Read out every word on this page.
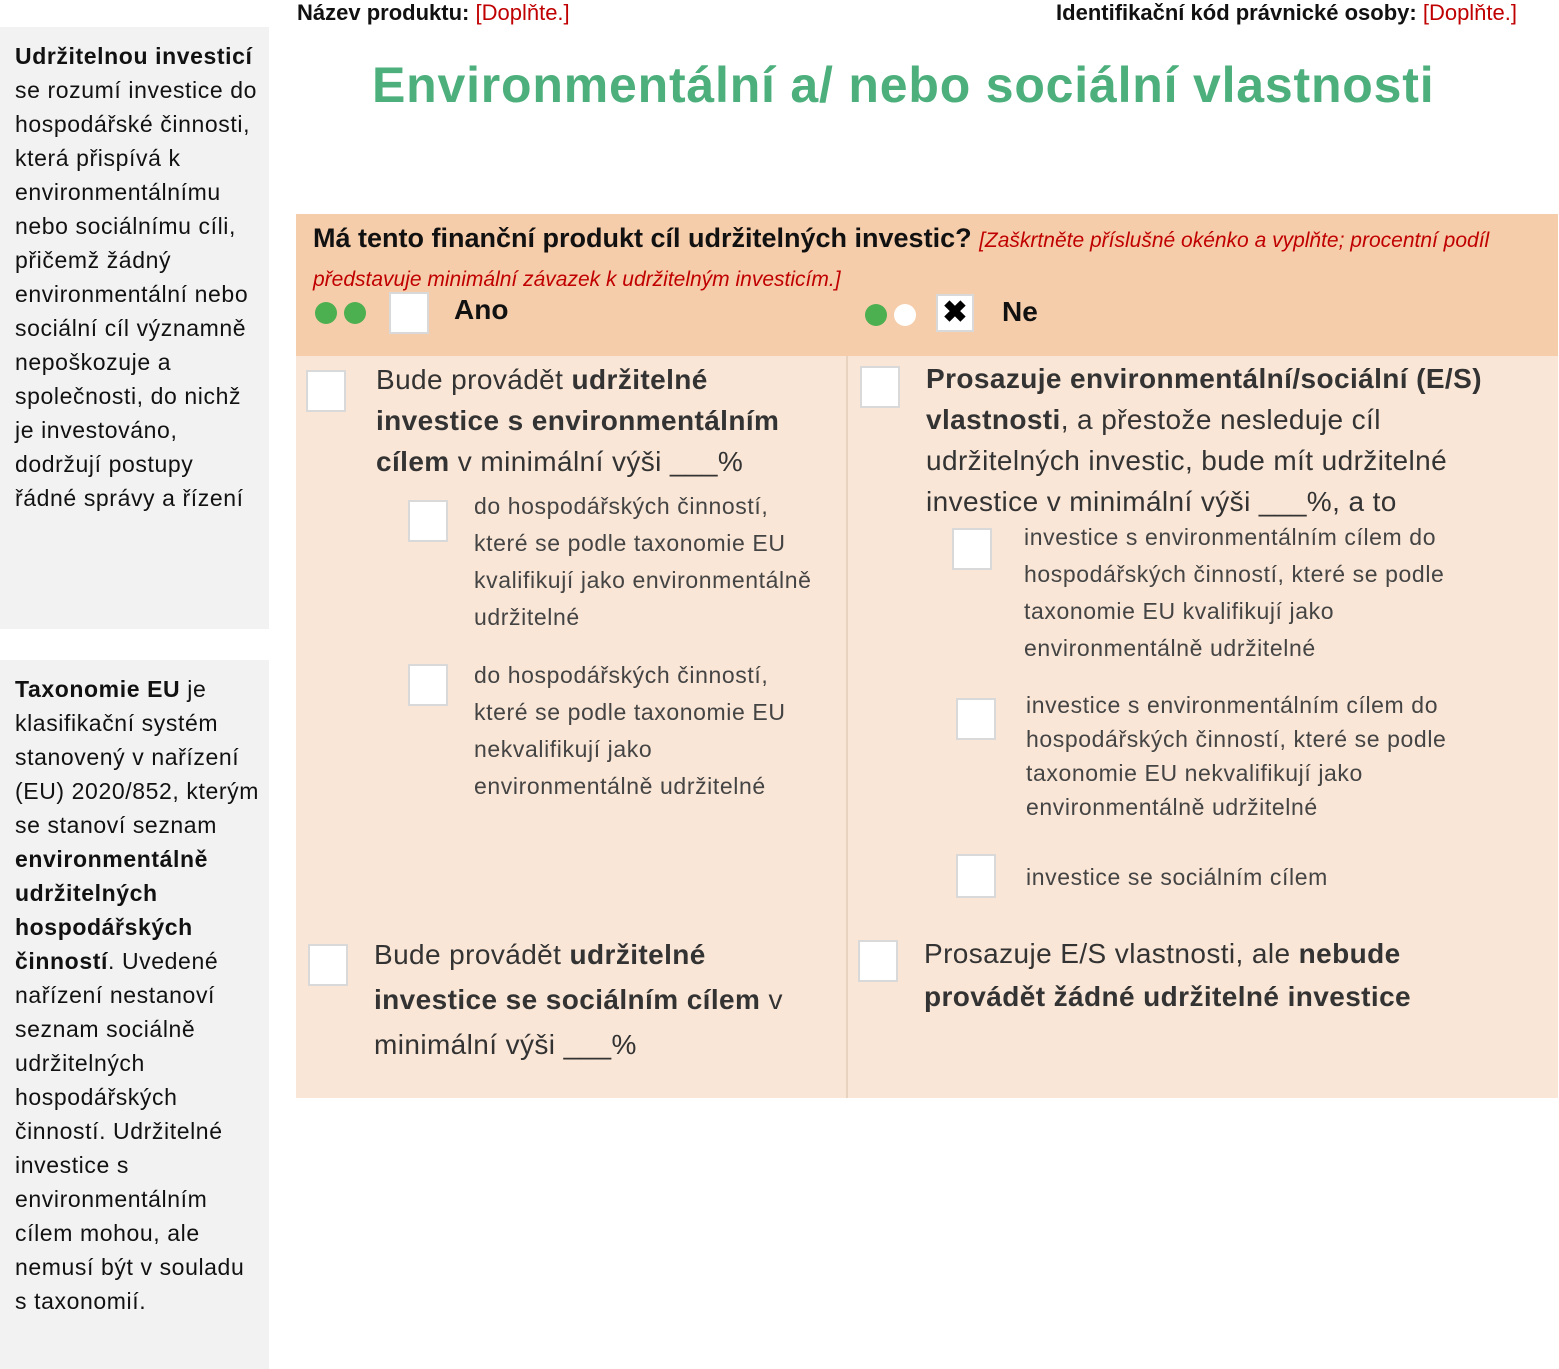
Název produktu: [Doplňte.]	Identifikační kód právnické osoby: [Doplňte.]
Environmentální a/ nebo sociální vlastnosti
Udržitelnou investicí se rozumí investice do hospodářské činnosti, která přispívá k environmentálnímu nebo sociálnímu cíli, přičemž žádný environmentální nebo sociální cíl významně nepoškozuje a společnosti, do nichž je investováno, dodržují postupy řádné správy a řízení
Taxonomie EU je klasifikační systém stanovený v nařízení (EU) 2020/852, kterým se stanoví seznam environmentálně udržitelných hospodářských činností. Uvedené nařízení nestanoví seznam sociálně udržitelných hospodářských činností. Udržitelné investice s environmentálním cílem mohou, ale nemusí být v souladu s taxonomií.
Má tento finanční produkt cíl udržitelných investic? [Zaškrtněte příslušné okénko a vyplňte; procentní podíl představuje minimální závazek k udržitelným investicím.]
Ano	✖ Ne
Bude provádět udržitelné investice s environmentálním cílem v minimální výši ___%
do hospodářských činností, které se podle taxonomie EU kvalifikují jako environmentálně udržitelné
do hospodářských činností, které se podle taxonomie EU nekvalifikují jako environmentálně udržitelné
Bude provádět udržitelné investice se sociálním cílem v minimální výši ___%
Prosazuje environmentální/sociální (E/S) vlastnosti, a přestože nesleduje cíl udržitelných investic, bude mít udržitelné investice v minimální výši ___%, a to
investice s environmentálním cílem do hospodářských činností, které se podle taxonomie EU kvalifikují jako environmentálně udržitelné
investice s environmentálním cílem do hospodářských činností, které se podle taxonomie EU nekvalifikují jako environmentálně udržitelné
investice se sociálním cílem
Prosazuje E/S vlastnosti, ale nebude provádět žádné udržitelné investice
